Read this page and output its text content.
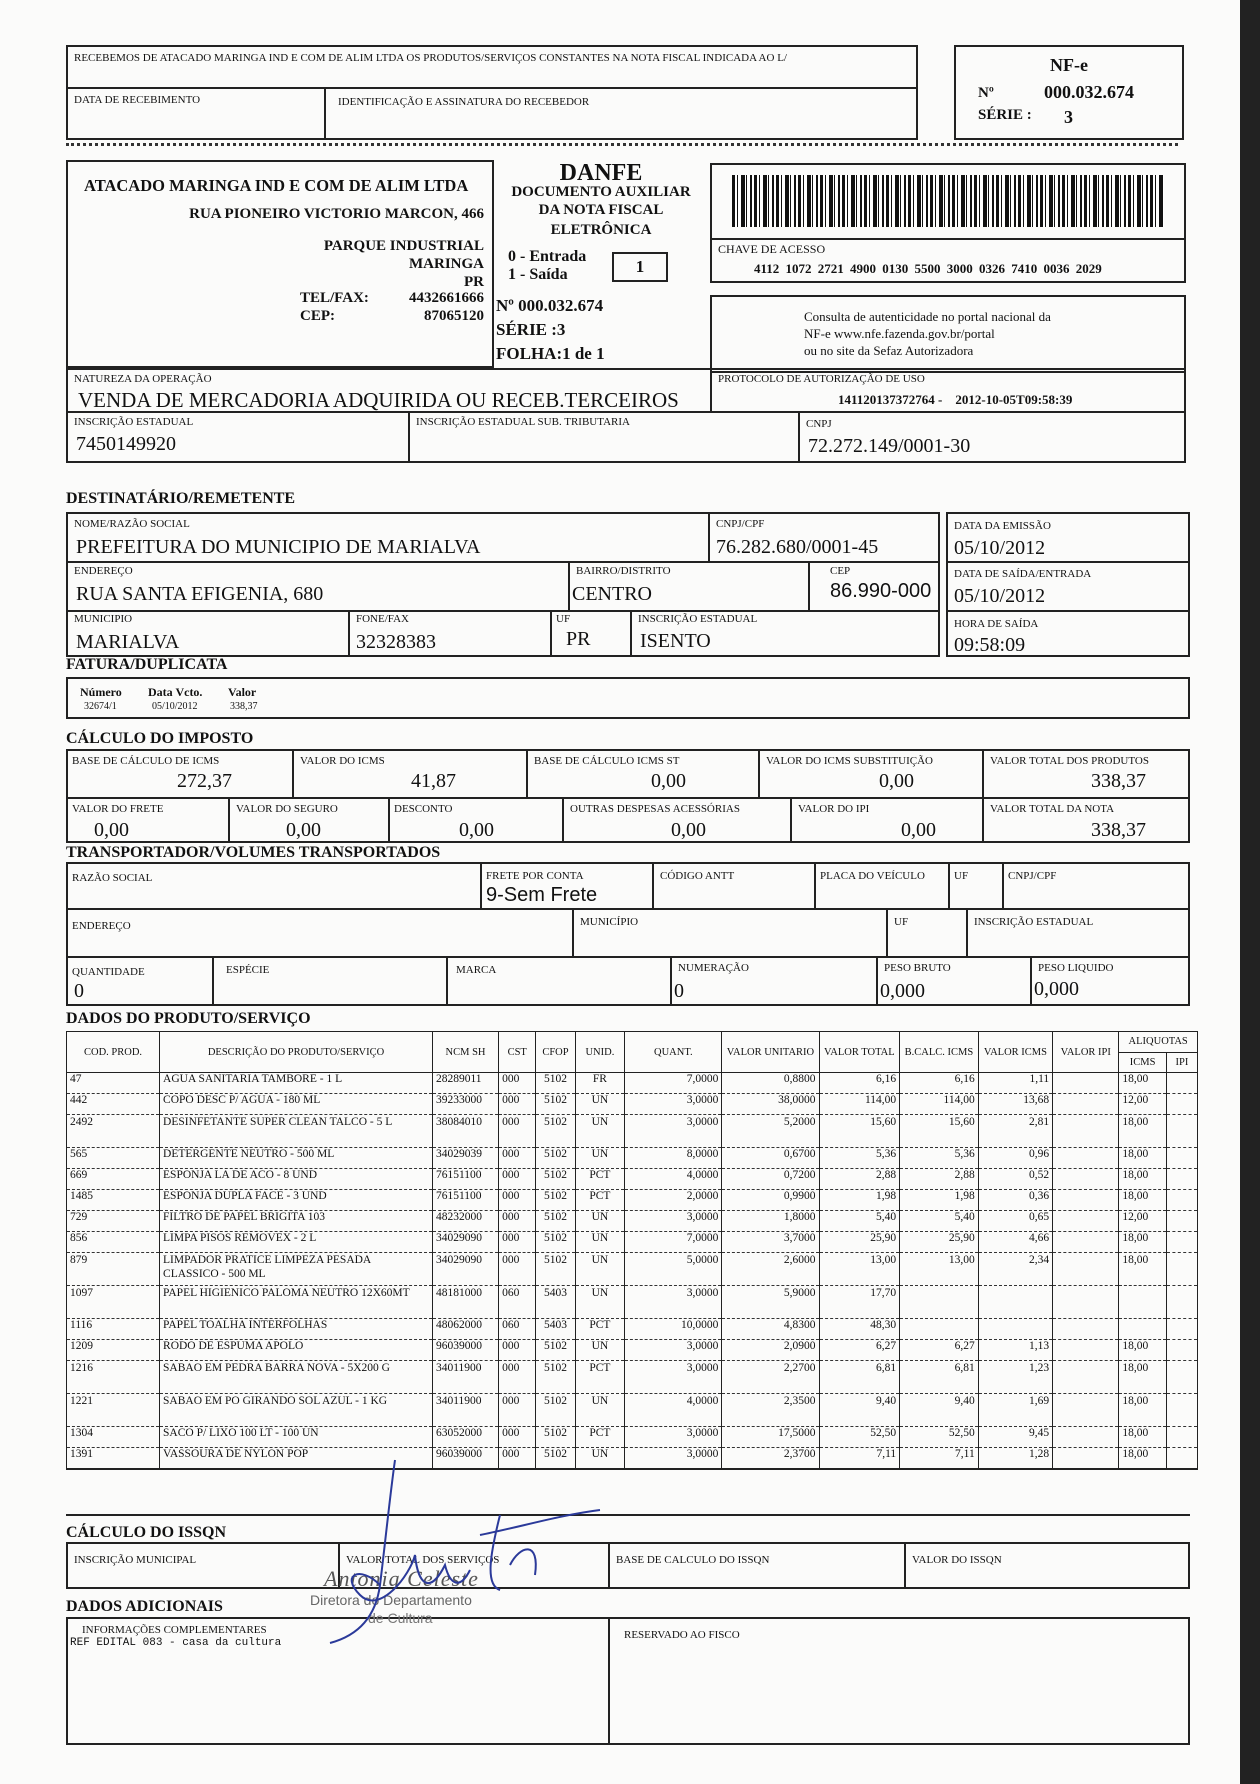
RECEBEMOS DE ATACADO MARINGA IND E COM DE ALIM LTDA OS PRODUTOS/SERVIÇOS CONSTANTES NA NOTA FISCAL INDICADA AO L/
DATA DE RECEBIMENTO	IDENTIFICAÇÃO E ASSINATURA DO RECEBEDOR
NF-e
Nº	000.032.674
SÉRIE : 3
ATACADO MARINGA IND E COM DE ALIM LTDA
RUA PIONEIRO VICTORIO MARCON, 466
PARQUE INDUSTRIAL
MARINGA
PR
TEL/FAX:	4432661666
CEP:	87065120
DANFE
DOCUMENTO AUXILIAR
DA NOTA FISCAL
ELETRÔNICA
0 - Entrada
1 - Saída	1
Nº 000.032.674
SÉRIE :3
FOLHA:1 de 1
CHAVE DE ACESSO
4112 1072 2721 4900 0130 5500 3000 0326 7410 0036 2029
Consulta de autenticidade no portal nacional da
NF-e www.nfe.fazenda.gov.br/portal
ou no site da Sefaz Autorizadora
NATUREZA DA OPERAÇÃO
VENDA DE MERCADORIA ADQUIRIDA OU RECEB.TERCEIROS
PROTOCOLO DE AUTORIZAÇÃO DE USO
141120137372764 -    2012-10-05T09:58:39
INSCRIÇÃO ESTADUAL
7450149920
INSCRIÇÃO ESTADUAL SUB. TRIBUTARIA	CNPJ
72.272.149/0001-30
DESTINATÁRIO/REMETENTE
NOME/RAZÃO SOCIAL
PREFEITURA DO MUNICIPIO DE MARIALVA
CNPJ/CPF
76.282.680/0001-45
ENDEREÇO
RUA SANTA EFIGENIA, 680
BAIRRO/DISTRITO
CENTRO
CEP
86.990-000
MUNICIPIO
MARIALVA
FONE/FAX
32328383
UF
PR
INSCRIÇÃO ESTADUAL
ISENTO
DATA DA EMISSÃO
05/10/2012
DATA DE SAÍDA/ENTRADA
05/10/2012
HORA DE SAÍDA
09:58:09
FATURA/DUPLICATA
Número Data Vcto. Valor
32674/1	05/10/2012	338,37
CÁLCULO DO IMPOSTO
BASE DE CÁLCULO DE ICMS
272,37
VALOR DO ICMS
41,87
BASE DE CÁLCULO ICMS ST
0,00
VALOR DO ICMS SUBSTITUIÇÃO
0,00
VALOR TOTAL DOS PRODUTOS
338,37
VALOR DO FRETE
0,00
VALOR DO SEGURO
0,00
DESCONTO
0,00
OUTRAS DESPESAS ACESSÓRIAS
0,00
VALOR DO IPI
0,00
VALOR TOTAL DA NOTA
338,37
TRANSPORTADOR/VOLUMES TRANSPORTADOS
RAZÃO SOCIAL	FRETE POR CONTA
9-Sem Frete
CÓDIGO ANTT	PLACA DO VEÍCULO	UF	CNPJ/CPF
ENDEREÇO	MUNICÍPIO	UF	INSCRIÇÃO ESTADUAL
QUANTIDADE
0
ESPÉCIE	MARCA	NUMERAÇÃO
0
PESO BRUTO
0,000
PESO LIQUIDO
0,000
DADOS DO PRODUTO/SERVIÇO
COD. PROD.	DESCRIÇÃO DO PRODUTO/SERVIÇO	NCM SH	CST	CFOP	UNID.	QUANT.	VALOR UNITARIO	VALOR TOTAL	B.CALC. ICMS	VALOR ICMS	VALOR IPI	ALIQUOTAS	
												ICMS	IPI
47	AGUA SANITARIA TAMBORE - 1 L	28289011	000	5102	FR	7,0000	0,8800	6,16	6,16	1,11		18,00	
442	COPO DESC P/ AGUA - 180 ML	39233000	000	5102	UN	3,0000	38,0000	114,00	114,00	13,68		12,00	
2492	DESINFETANTE SUPER CLEAN TALCO - 5 L	38084010	000	5102	UN	3,0000	5,2000	15,60	15,60	2,81		18,00	
565	DETERGENTE NEUTRO - 500 ML	34029039	000	5102	UN	8,0000	0,6700	5,36	5,36	0,96		18,00	
669	ESPONJA LA DE ACO - 8 UND	76151100	000	5102	PCT	4,0000	0,7200	2,88	2,88	0,52		18,00	
1485	ESPONJA DUPLA FACE - 3 UND	76151100	000	5102	PCT	2,0000	0,9900	1,98	1,98	0,36		18,00	
729	FILTRO DE PAPEL BRIGITA 103	48232000	000	5102	UN	3,0000	1,8000	5,40	5,40	0,65		12,00	
856	LIMPA PISOS REMOVEX - 2 L	34029090	000	5102	UN	7,0000	3,7000	25,90	25,90	4,66		18,00	
879	LIMPADOR PRATICE LIMPEZA PESADA CLASSICO - 500 ML	34029090	000	5102	UN	5,0000	2,6000	13,00	13,00	2,34		18,00	
1097	PAPEL HIGIENICO PALOMA NEUTRO 12X60MT	48181000	060	5403	UN	3,0000	5,9000	17,70					
1116	PAPEL TOALHA INTERFOLHAS	48062000	060	5403	PCT	10,0000	4,8300	48,30					
1209	RODO DE ESPUMA APOLO	96039000	000	5102	UN	3,0000	2,0900	6,27	6,27	1,13		18,00	
1216	SABAO EM PEDRA BARRA NOVA - 5X200 G	34011900	000	5102	PCT	3,0000	2,2700	6,81	6,81	1,23		18,00	
1221	SABAO EM PO GIRANDO SOL AZUL - 1 KG	34011900	000	5102	UN	4,0000	2,3500	9,40	9,40	1,69		18,00	
1304	SACO P/ LIXO 100 LT - 100 UN	63052000	000	5102	PCT	3,0000	17,5000	52,50	52,50	9,45		18,00	
1391	VASSOURA DE NYLON POP	96039000	000	5102	UN	3,0000	2,3700	7,11	7,11	1,28		18,00	
CÁLCULO DO ISSQN
INSCRIÇÃO MUNICIPAL	VALOR TOTAL DOS SERVIÇOS	BASE DE CALCULO DO ISSQN	VALOR DO ISSQN
DADOS ADICIONAIS
INFORMAÇÕES COMPLEMENTARES
REF EDITAL 083 - casa da cultura
RESERVADO AO FISCO
Antonia Celeste
Diretora do Departamento
de Cultura
